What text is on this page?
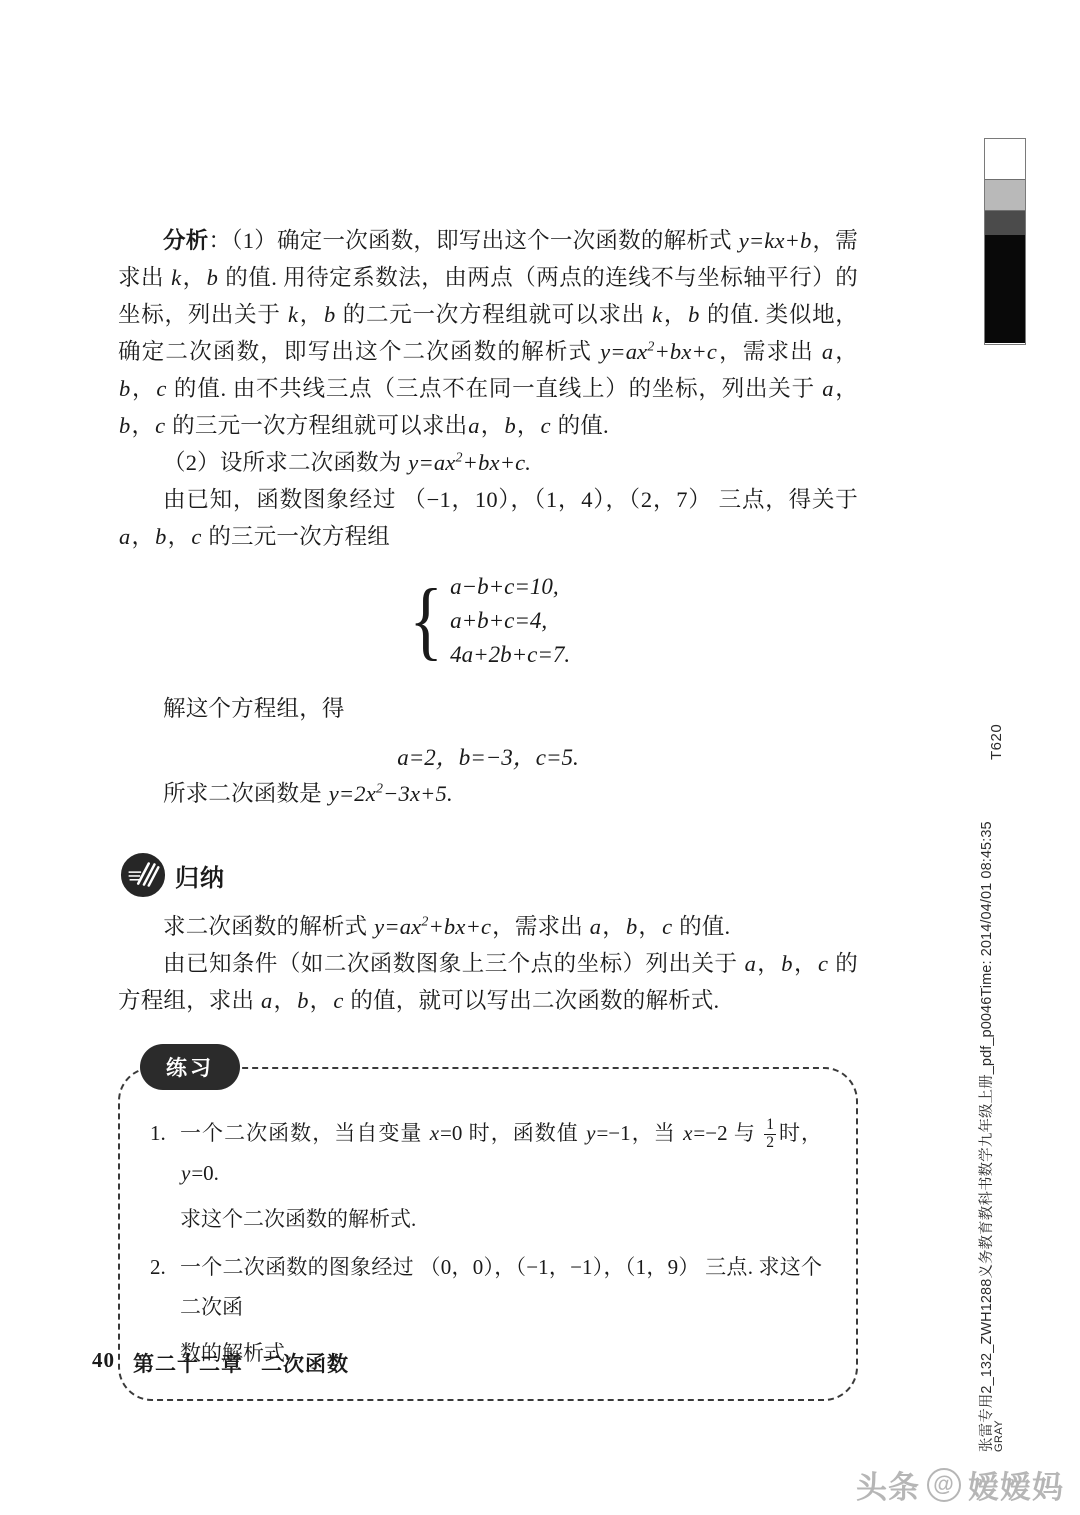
T620
张雷专用2_132_ZWH1288义务教育教科书数学九年级上册_pdf_p0046Time: 2014/04/01 08:45:35
GRAY

分析：（1）确定一次函数，即写出这个一次函数的解析式 y=kx+b，需求出 k，b 的值. 用待定系数法，由两点（两点的连线不与坐标轴平行）的坐标，列出关于 k，b 的二元一次方程组就可以求出 k，b 的值. 类似地，确定二次函数，即写出这个二次函数的解析式 $y=ax^2+bx+c$，需求出 a，b，c 的值. 由不共线三点（三点不在同一直线上）的坐标，列出关于 a，b，c 的三元一次方程组就可以求出a，b，c 的值.

（2）设所求二次函数为 $y=ax^2+bx+c$.

由已知，函数图象经过 （−1，10），（1，4），（2，7） 三点，得关于 a，b，c 的三元一次方程组

{ a−b+c=10,
a+b+c=4,
4a+2b+c=7.

解这个方程组，得

a=2，b=−3，c=5.

所求二次函数是 $y=2x^2-3x+5$.

归纳

求二次函数的解析式 $y=ax^2+bx+c$，需求出 a，b，c 的值.

由已知条件（如二次函数图象上三个点的坐标）列出关于 a，b，c 的方程组，求出 a，b，c 的值，就可以写出二次函数的解析式.

练习
1. 一个二次函数，当自变量 x=0 时，函数值 y=−1，当 x=−2 与 $\frac{1}{2}$ 时，y=0.
求这个二次函数的解析式.
2. 一个二次函数的图象经过 （0，0），（−1，−1），（1，9） 三点. 求这个二次函
数的解析式.
40 第二十二章 二次函数
头条 @ 嫒嫒妈
